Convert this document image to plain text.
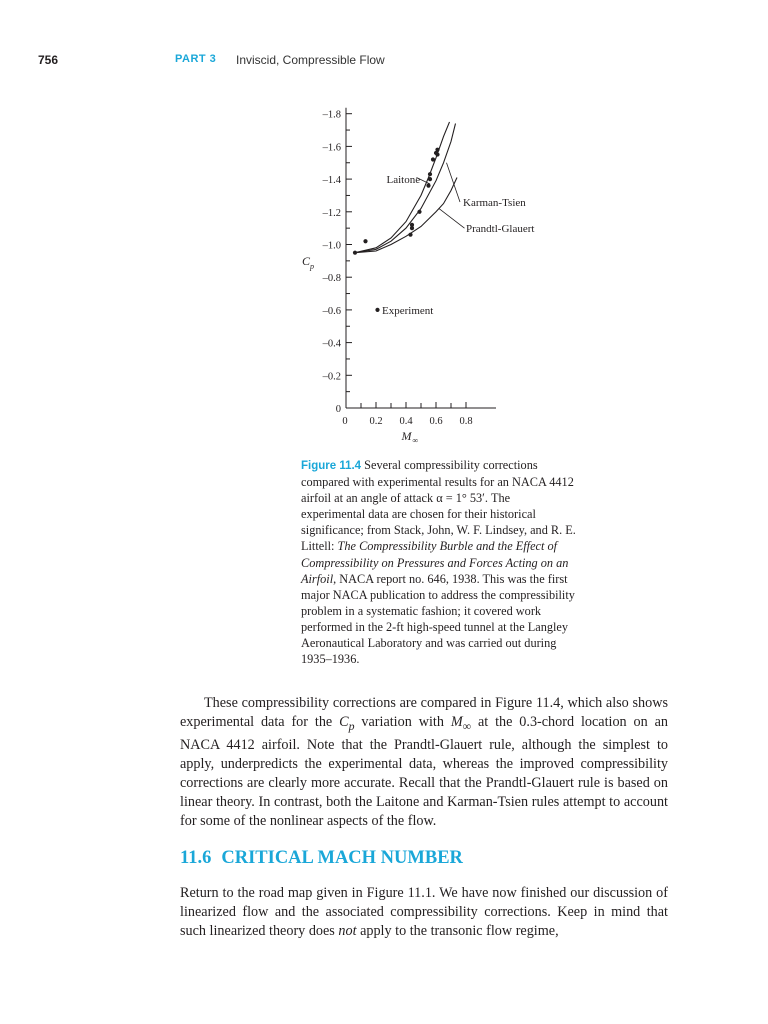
756	PART 3 Inviscid, Compressible Flow
0
–0.2
–0.4
–0.6
–0.8
–1.0
–1.2
–1.4
–1.6
–1.8
0 0.2 0.4 0.6 0.8
C p
M ∞
Laitone
Karman-Tsien
Prandtl-Glauert
Experiment
Figure 11.4 Several compressibility corrections compared with experimental results for an NACA 4412 airfoil at an angle of attack α = 1° 53′. The experimental data are chosen for their historical significance; from Stack, John, W. F. Lindsey, and R. E. Littell: The Compressibility Burble and the Effect of Compressibility on Pressures and Forces Acting on an Airfoil, NACA report no. 646, 1938. This was the first major NACA publication to address the compressibility problem in a systematic fashion; it covered work performed in the 2-ft high-speed tunnel at the Langley Aeronautical Laboratory and was carried out during 1935–1936.

These compressibility corrections are compared in Figure 11.4, which also shows experimental data for the $C_p$ variation with $M_\infty$ at the 0.3-chord location on an NACA 4412 airfoil. Note that the Prandtl-Glauert rule, although the simplest to apply, underpredicts the experimental data, whereas the improved compressibility corrections are clearly more accurate. Recall that the Prandtl-Glauert rule is based on linear theory. In contrast, both the Laitone and Karman-Tsien rules attempt to account for some of the nonlinear aspects of the flow.

11.6 CRITICAL MACH NUMBER

Return to the road map given in Figure 11.1. We have now finished our discussion of linearized flow and the associated compressibility corrections. Keep in mind that such linearized theory does not apply to the transonic flow regime,
